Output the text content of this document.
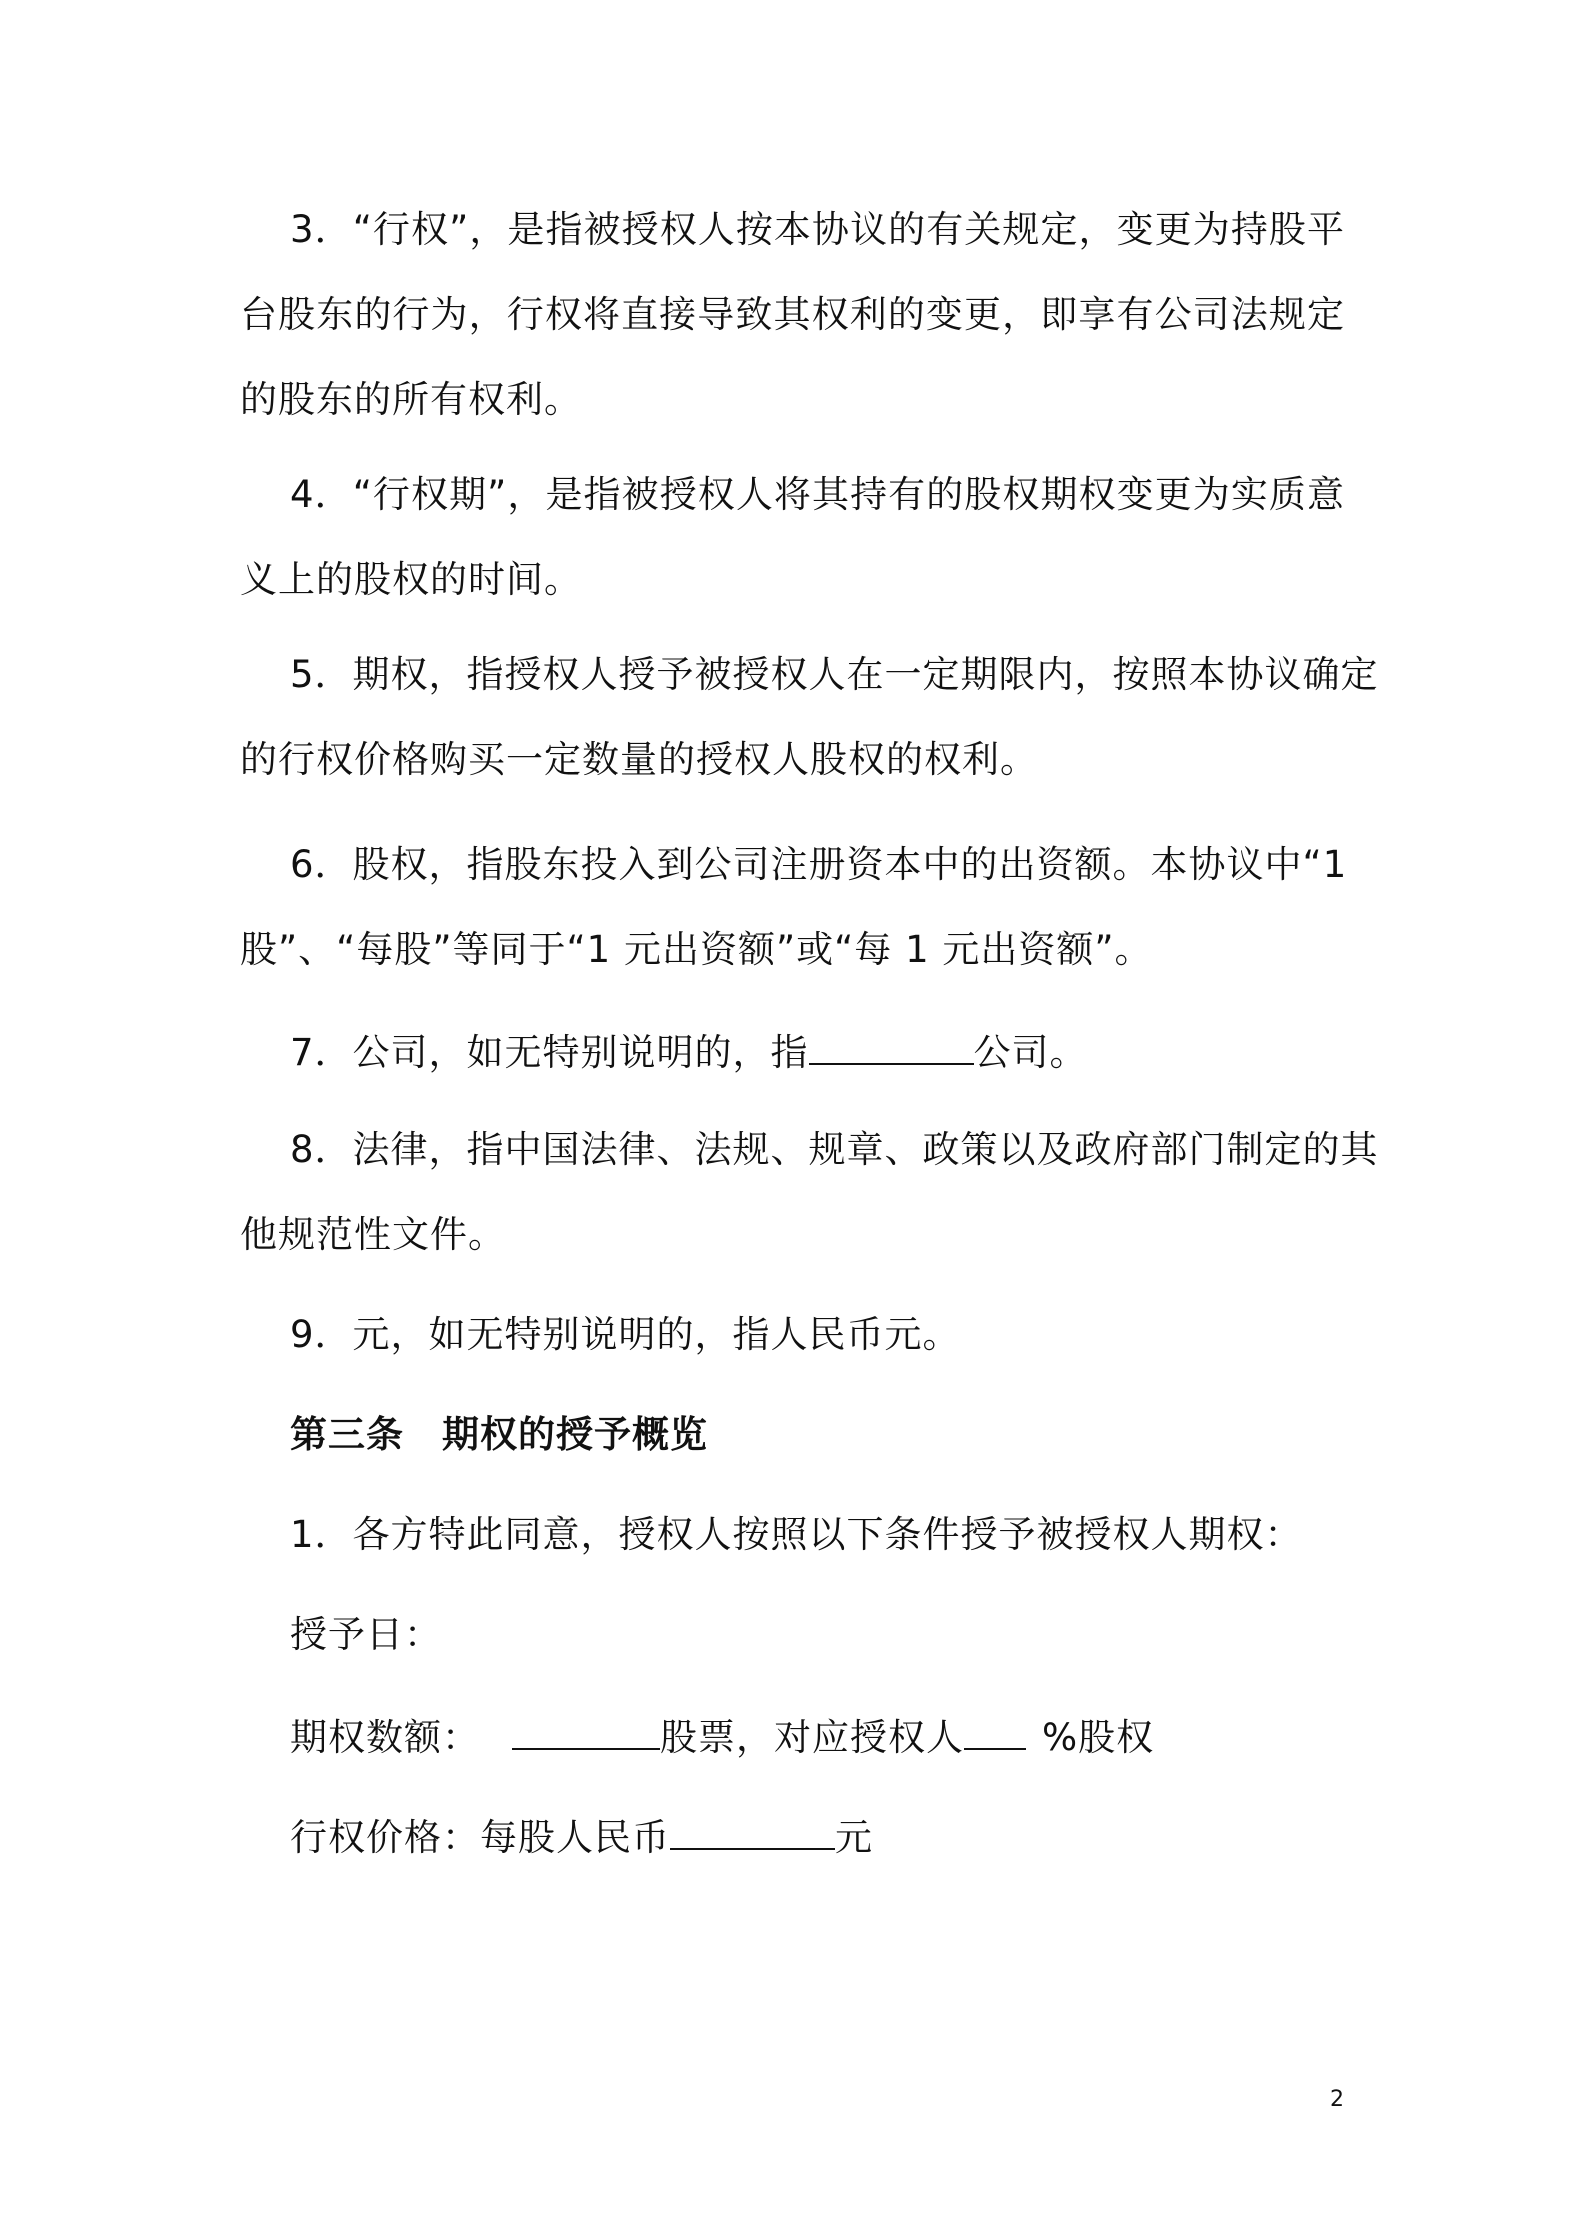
3．“行权”，是指被授权人按本协议的有关规定，变更为持股平
台股东的行为，行权将直接导致其权利的变更，即享有公司法规定
的股东的所有权利。
4．“行权期”，是指被授权人将其持有的股权期权变更为实质意
义上的股权的时间。
5．期权，指授权人授予被授权人在一定期限内，按照本协议确定
的行权价格购买一定数量的授权人股权的权利。
6．股权，指股东投入到公司注册资本中的出资额。本协议中“1
股”、“每股”等同于“1 元出资额”或“每 1 元出资额”。
7．公司，如无特别说明的，指	公司。
8．法律，指中国法律、法规、规章、政策以及政府部门制定的其
他规范性文件。
9．元，如无特别说明的，指人民币元。
第三条　期权的授予概览
1．各方特此同意，授权人按照以下条件授予被授权人期权：
授予日：
期权数额：	股票，对应授权人 %股权
行权价格：每股人民币	元
2
